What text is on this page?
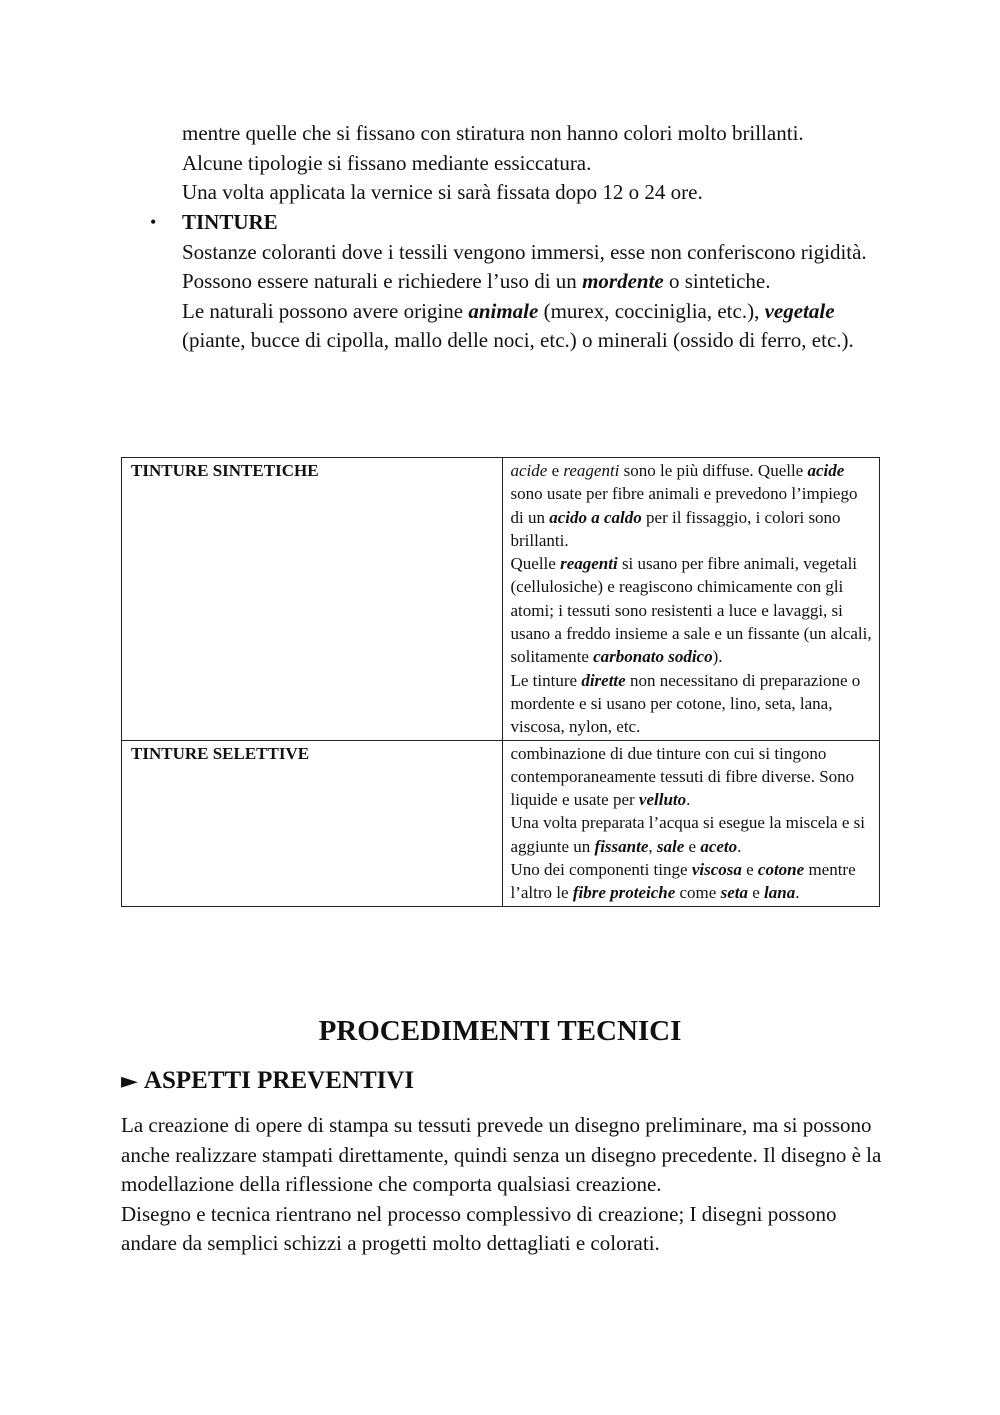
mentre quelle che si fissano con stiratura non hanno colori molto brillanti.

Alcune tipologie si fissano mediante essiccatura.

Una volta applicata la vernice si sarà fissata dopo 12 o 24 ore.

• TINTURE

Sostanze coloranti dove i tessili vengono immersi, esse non conferiscono rigidità. Possono essere naturali e richiedere l’uso di un mordente o sintetiche.

Le naturali possono avere origine animale (murex, cocciniglia, etc.), vegetale (piante, bucce di cipolla, mallo delle noci, etc.) o minerali (ossido di ferro, etc.).

TINTURE SINTETICHE	acide e reagenti sono le più diffuse. Quelle acide sono usate per fibre animali e prevedono l’impiego di un acido a caldo per il fissaggio, i colori sono brillanti.
Quelle reagenti si usano per fibre animali, vegetali (cellulosiche) e reagiscono chimicamente con gli atomi; i tessuti sono resistenti a luce e lavaggi, si usano a freddo insieme a sale e un fissante (un alcali, solitamente carbonato sodico).
Le tinture dirette non necessitano di preparazione o mordente e si usano per cotone, lino, seta, lana, viscosa, nylon, etc.

TINTURE SELETTIVE	combinazione di due tinture con cui si tingono contemporaneamente tessuti di fibre diverse. Sono liquide e usate per velluto.
Una volta preparata l’acqua si esegue la miscela e si aggiunte un fissante, sale e aceto.
Uno dei componenti tinge viscosa e cotone mentre l’altro le fibre proteiche come seta e lana.
PROCEDIMENTI TECNICI
► ASPETTI PREVENTIVI

La creazione di opere di stampa su tessuti prevede un disegno preliminare, ma si possono anche realizzare stampati direttamente, quindi senza un disegno precedente. Il disegno è la modellazione della riflessione che comporta qualsiasi creazione.

Disegno e tecnica rientrano nel processo complessivo di creazione; I disegni possono andare da semplici schizzi a progetti molto dettagliati e colorati.
